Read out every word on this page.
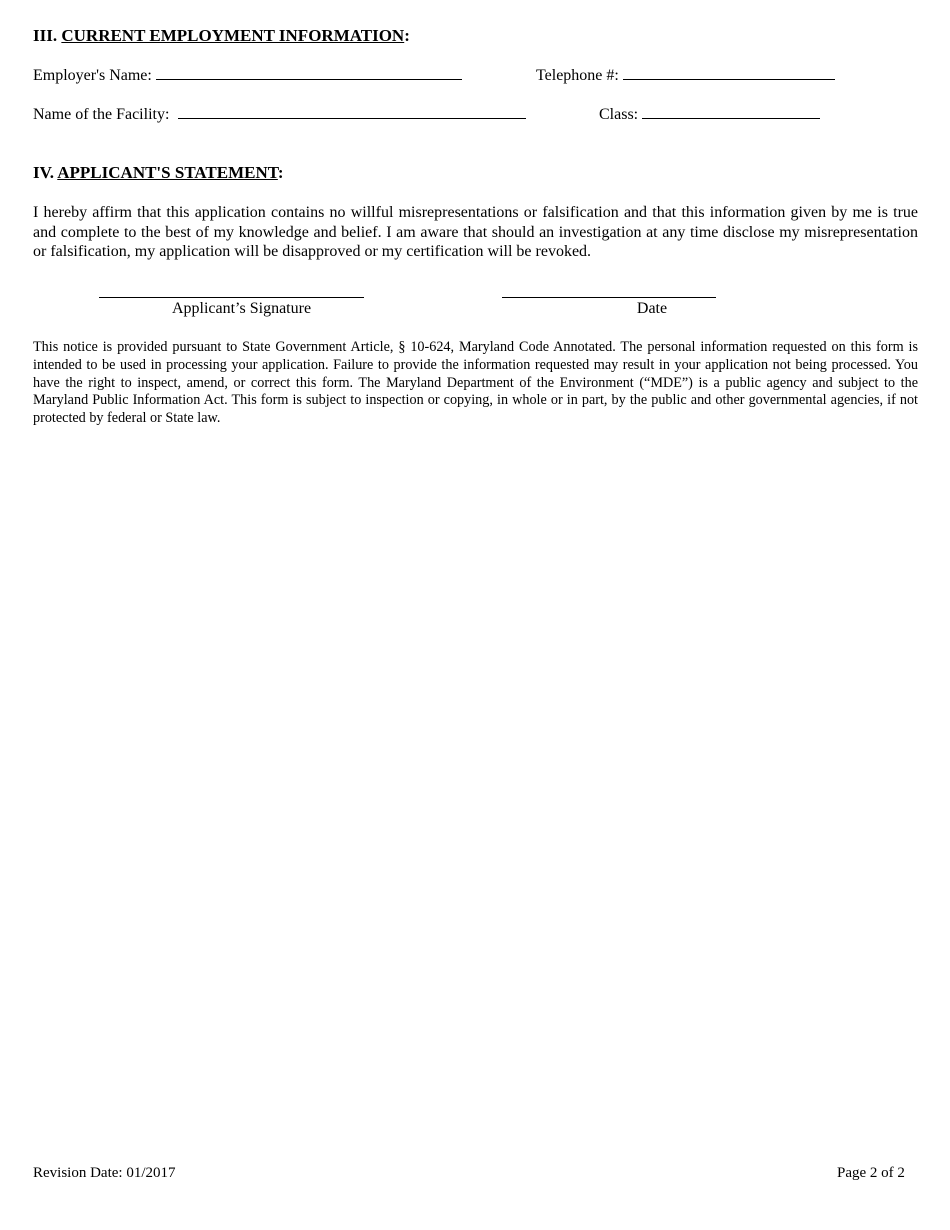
III. CURRENT EMPLOYMENT INFORMATION:
Employer's Name:	Telephone #:
Name of the Facility:	Class:
IV. APPLICANT'S STATEMENT:
I hereby affirm that this application contains no willful misrepresentations or falsification and that this information given by me is true and complete to the best of my knowledge and belief. I am aware that should an investigation at any time disclose my misrepresentation or falsification, my application will be disapproved or my certification will be revoked.
Applicant’s Signature	Date
This notice is provided pursuant to State Government Article, § 10-624, Maryland Code Annotated. The personal information requested on this form is intended to be used in processing your application. Failure to provide the information requested may result in your application not being processed. You have the right to inspect, amend, or correct this form. The Maryland Department of the Environment (“MDE”) is a public agency and subject to the Maryland Public Information Act. This form is subject to inspection or copying, in whole or in part, by the public and other governmental agencies, if not protected by federal or State law.
Revision Date: 01/2017	Page 2 of 2
